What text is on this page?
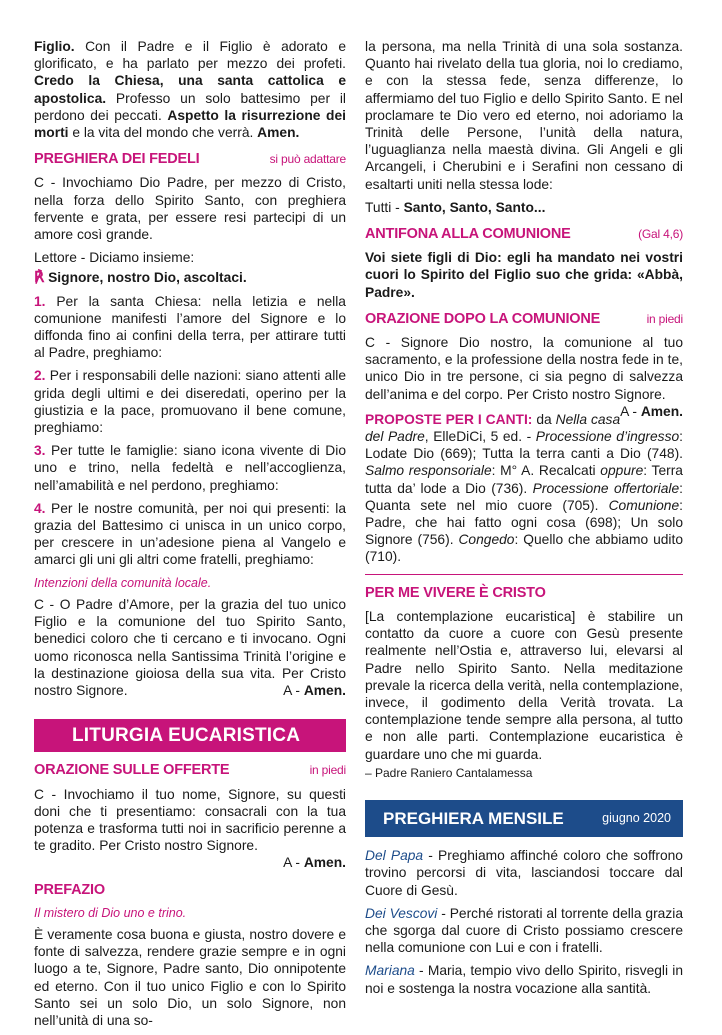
Figlio. Con il Padre e il Figlio è adorato e glorificato, e ha parlato per mezzo dei profeti. Credo la Chiesa, una santa cattolica e apostolica. Professo un solo battesimo per il perdono dei peccati. Aspetto la risurrezione dei morti e la vita del mondo che verrà. Amen.

PREGHIERA DEI FEDELI	si può adattare

C - Invochiamo Dio Padre, per mezzo di Cristo, nella forza dello Spirito Santo, con preghiera fervente e grata, per essere resi partecipi di un amore così grande.

Lettore - Diciamo insieme:

℟ Signore, nostro Dio, ascoltaci.

1. Per la santa Chiesa: nella letizia e nella comunione manifesti l’amore del Signore e lo diffonda fino ai confini della terra, per attirare tutti al Padre, preghiamo:

2. Per i responsabili delle nazioni: siano attenti alle grida degli ultimi e dei diseredati, operino per la giustizia e la pace, promuovano il bene comune, preghiamo:

3. Per tutte le famiglie: siano icona vivente di Dio uno e trino, nella fedeltà e nell’accoglienza, nell’amabilità e nel perdono, preghiamo:

4. Per le nostre comunità, per noi qui presenti: la grazia del Battesimo ci unisca in un unico corpo, per crescere in un’adesione piena al Vangelo e amarci gli uni gli altri come fratelli, preghiamo:

Intenzioni della comunità locale.

C - O Padre d’Amore, per la grazia del tuo unico Figlio e la comunione del tuo Spirito Santo, benedici coloro che ti cercano e ti invocano. Ogni uomo riconosca nella Santissima Trinità l’origine e la destinazione gioiosa della sua vita. Per Cristo nostro Signore.	A - Amen.

LITURGIA EUCARISTICA
ORAZIONE SULLE OFFERTE	in piedi

C - Invochiamo il tuo nome, Signore, su questi doni che ti presentiamo: consacrali con la tua potenza e trasforma tutti noi in sacrificio perenne a te gradito. Per Cristo nostro Signore.

A - Amen.

PREFAZIO
Il mistero di Dio uno e trino.

È veramente cosa buona e giusta, nostro dovere e fonte di salvezza, rendere grazie sempre e in ogni luogo a te, Signore, Padre santo, Dio onnipotente ed eterno. Con il tuo unico Figlio e con lo Spirito Santo sei un solo Dio, un solo Signore, non nell’unità di una so-

la persona, ma nella Trinità di una sola sostanza. Quanto hai rivelato della tua gloria, noi lo crediamo, e con la stessa fede, senza differenze, lo affermiamo del tuo Figlio e dello Spirito Santo. E nel proclamare te Dio vero ed eterno, noi adoriamo la Trinità delle Persone, l’unità della natura, l’uguaglianza nella maestà divina. Gli Angeli e gli Arcangeli, i Cherubini e i Serafini non cessano di esaltarti uniti nella stessa lode:

Tutti - Santo, Santo, Santo...

ANTIFONA ALLA COMUNIONE	(Gal 4,6)

Voi siete figli di Dio: egli ha mandato nei vostri cuori lo Spirito del Figlio suo che grida: «Abbà, Padre».

ORAZIONE DOPO LA COMUNIONE	in piedi

C - Signore Dio nostro, la comunione al tuo sacramento, e la professione della nostra fede in te, unico Dio in tre persone, ci sia pegno di salvezza dell’anima e del corpo. Per Cristo nostro Signore.
A - Amen.

PROPOSTE PER I CANTI: da Nella casa del Padre, ElleDiCi, 5 ed. - Processione d’ingresso: Lodate Dio (669); Tutta la terra canti a Dio (748). Salmo responsoriale: M° A. Recalcati oppure: Terra tutta da’ lode a Dio (736). Processione offertoriale: Quanta sete nel mio cuore (705). Comunione: Padre, che hai fatto ogni cosa (698); Un solo Signore (756). Congedo: Quello che abbiamo udito (710).

PER ME VIVERE È CRISTO

[La contemplazione eucaristica] è stabilire un contatto da cuore a cuore con Gesù presente realmente nell’Ostia e, attraverso lui, elevarsi al Padre nello Spirito Santo. Nella meditazione prevale la ricerca della verità, nella contemplazione, invece, il godimento della Verità trovata. La contemplazione tende sempre alla persona, al tutto e non alle parti. Contemplazione eucaristica è guardare uno che mi guarda.

– Padre Raniero Cantalamessa
PREGHIERA MENSILE	giugno 2020

Del Papa - Preghiamo affinché coloro che soffrono trovino percorsi di vita, lasciandosi toccare dal Cuore di Gesù.

Dei Vescovi - Perché ristorati al torrente della grazia che sgorga dal cuore di Cristo possiamo crescere nella comunione con Lui e con i fratelli.

Mariana - Maria, tempio vivo dello Spirito, risvegli in noi e sostenga la nostra vocazione alla santità.
